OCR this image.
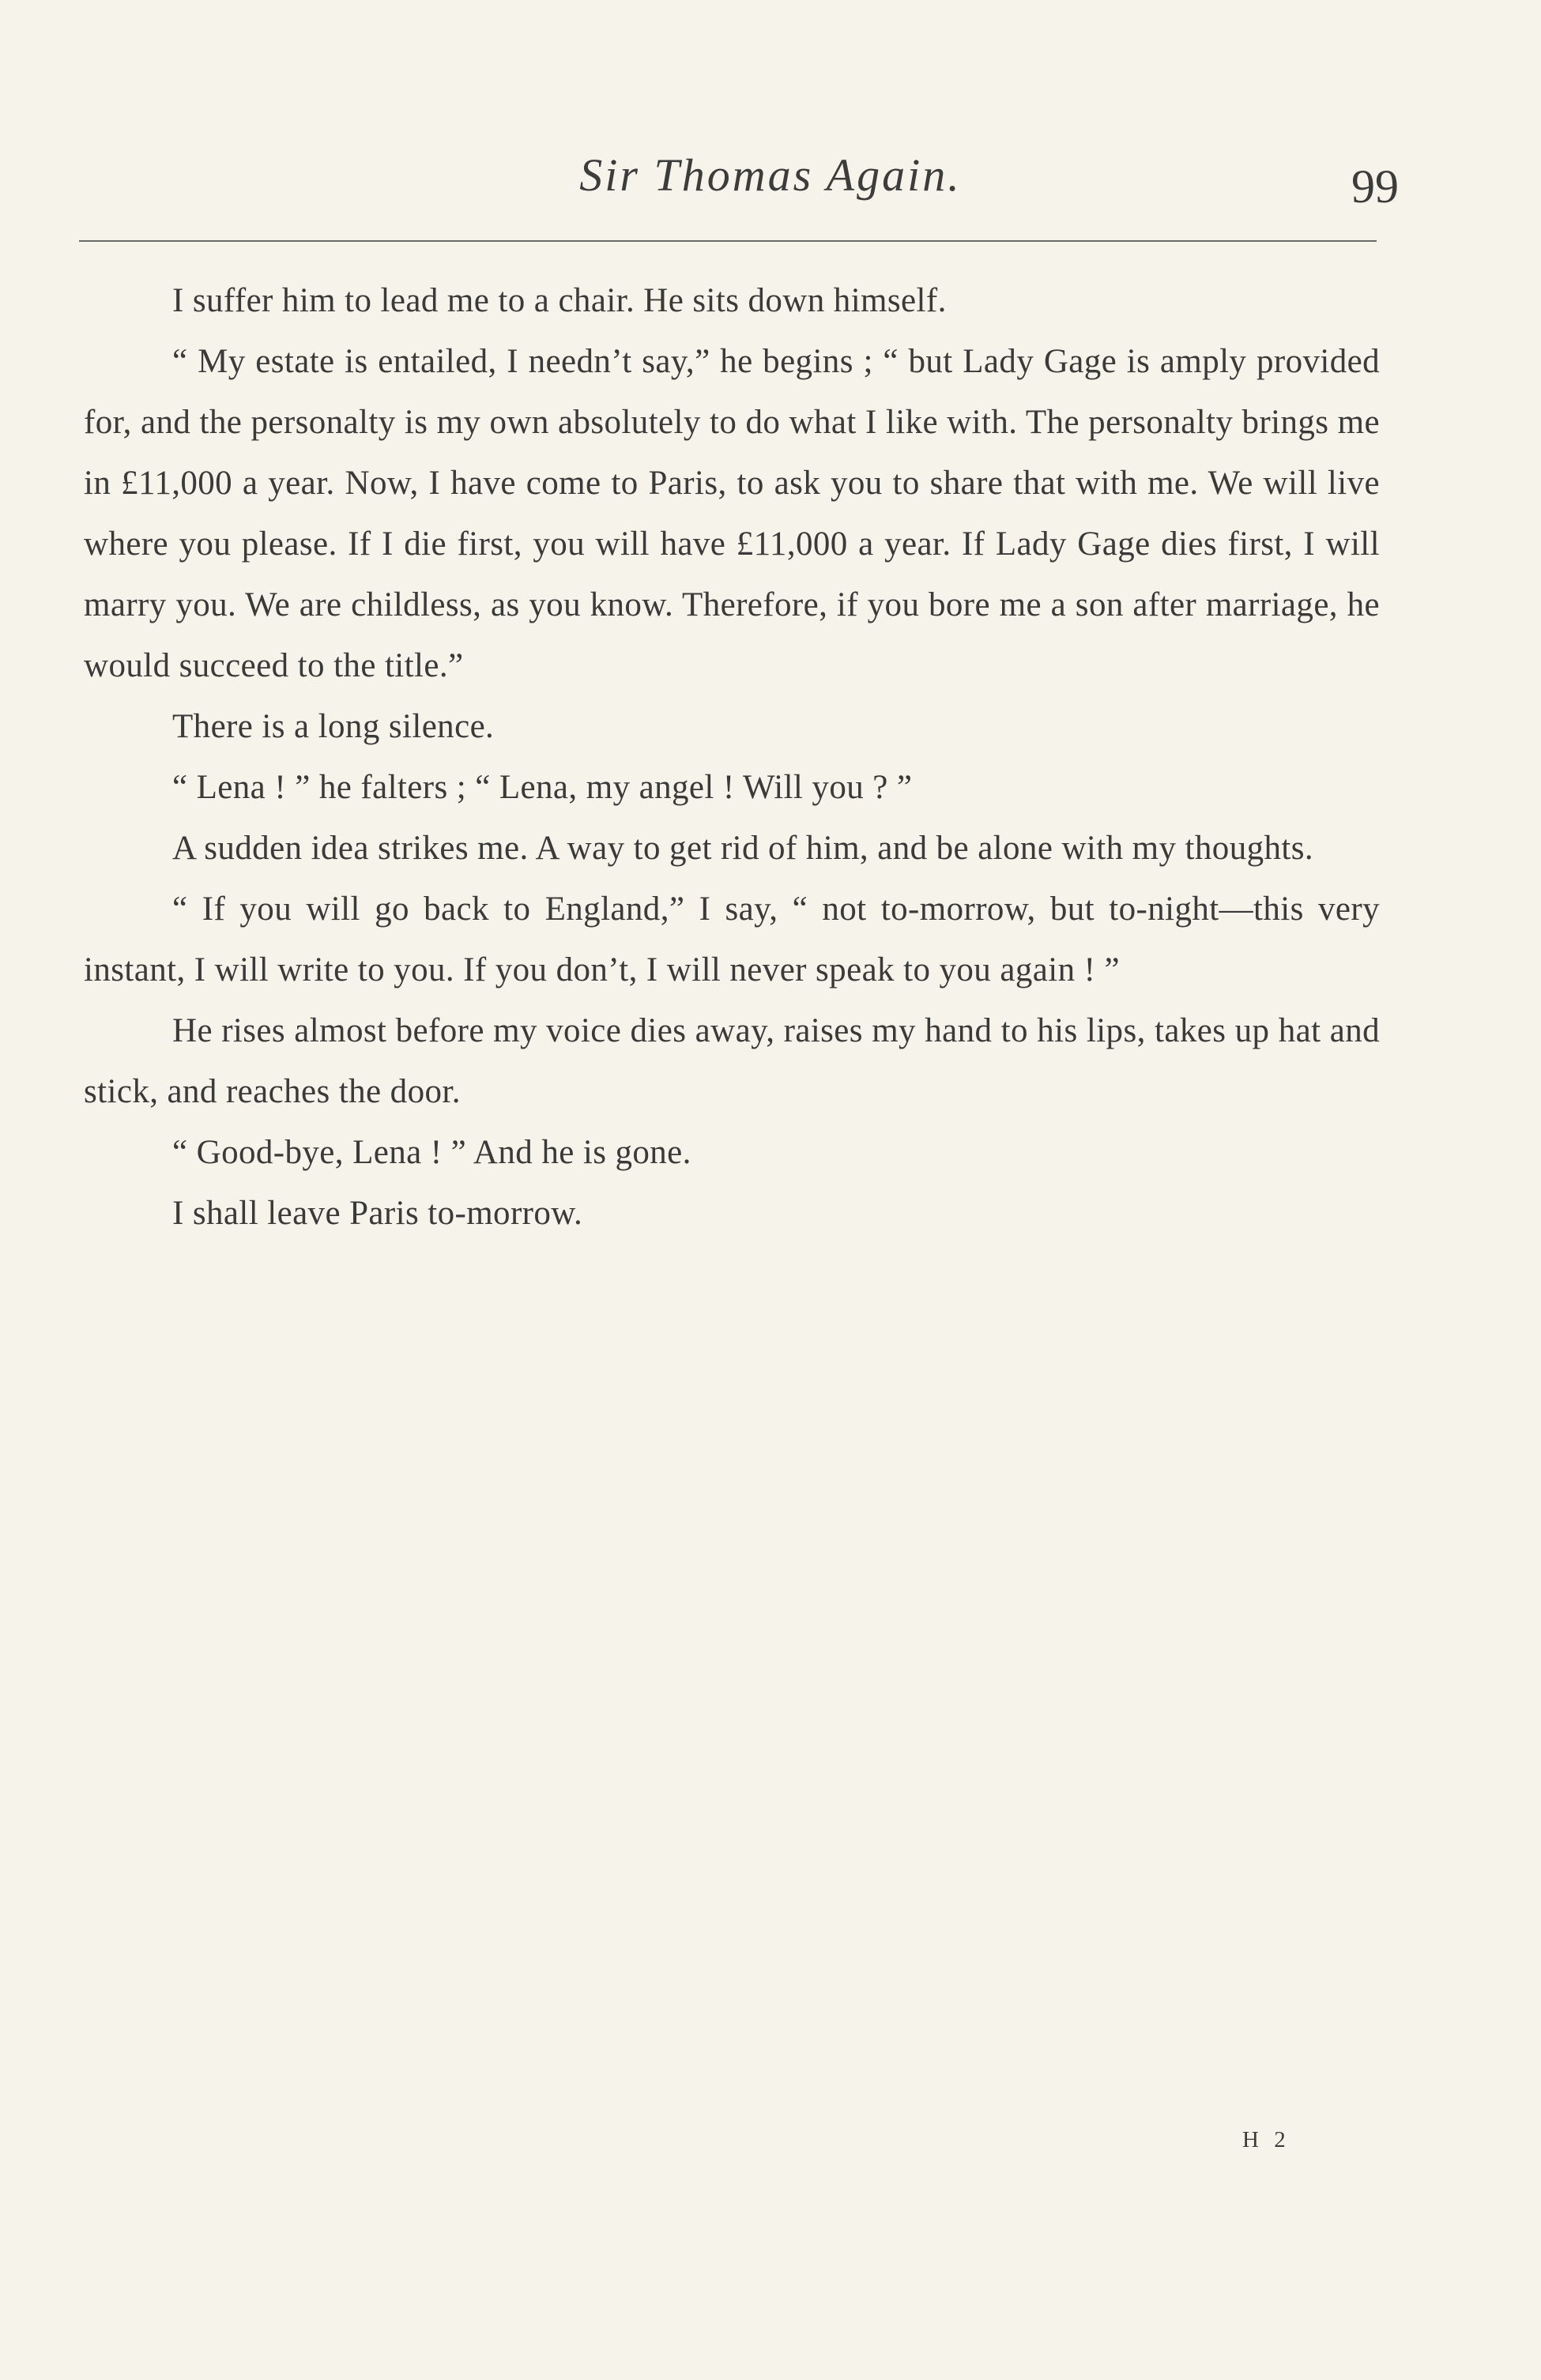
Sir Thomas Again.	99

I suffer him to lead me to a chair. He sits down himself.

“ My estate is entailed, I needn’t say,” he begins ; “ but Lady Gage is amply provided for, and the personalty is my own absolutely to do what I like with. The personalty brings me in £11,000 a year. Now, I have come to Paris, to ask you to share that with me. We will live where you please. If I die first, you will have £11,000 a year. If Lady Gage dies first, I will marry you. We are childless, as you know. Therefore, if you bore me a son after marriage, he would succeed to the title.”

There is a long silence.

“ Lena ! ” he falters ; “ Lena, my angel ! Will you ? ”

A sudden idea strikes me. A way to get rid of him, and be alone with my thoughts.

“ If you will go back to England,” I say, “ not to-morrow, but to-night—this very instant, I will write to you. If you don’t, I will never speak to you again ! ”

He rises almost before my voice dies away, raises my hand to his lips, takes up hat and stick, and reaches the door.

“ Good-bye, Lena ! ” And he is gone.

I shall leave Paris to-morrow.

H 2
